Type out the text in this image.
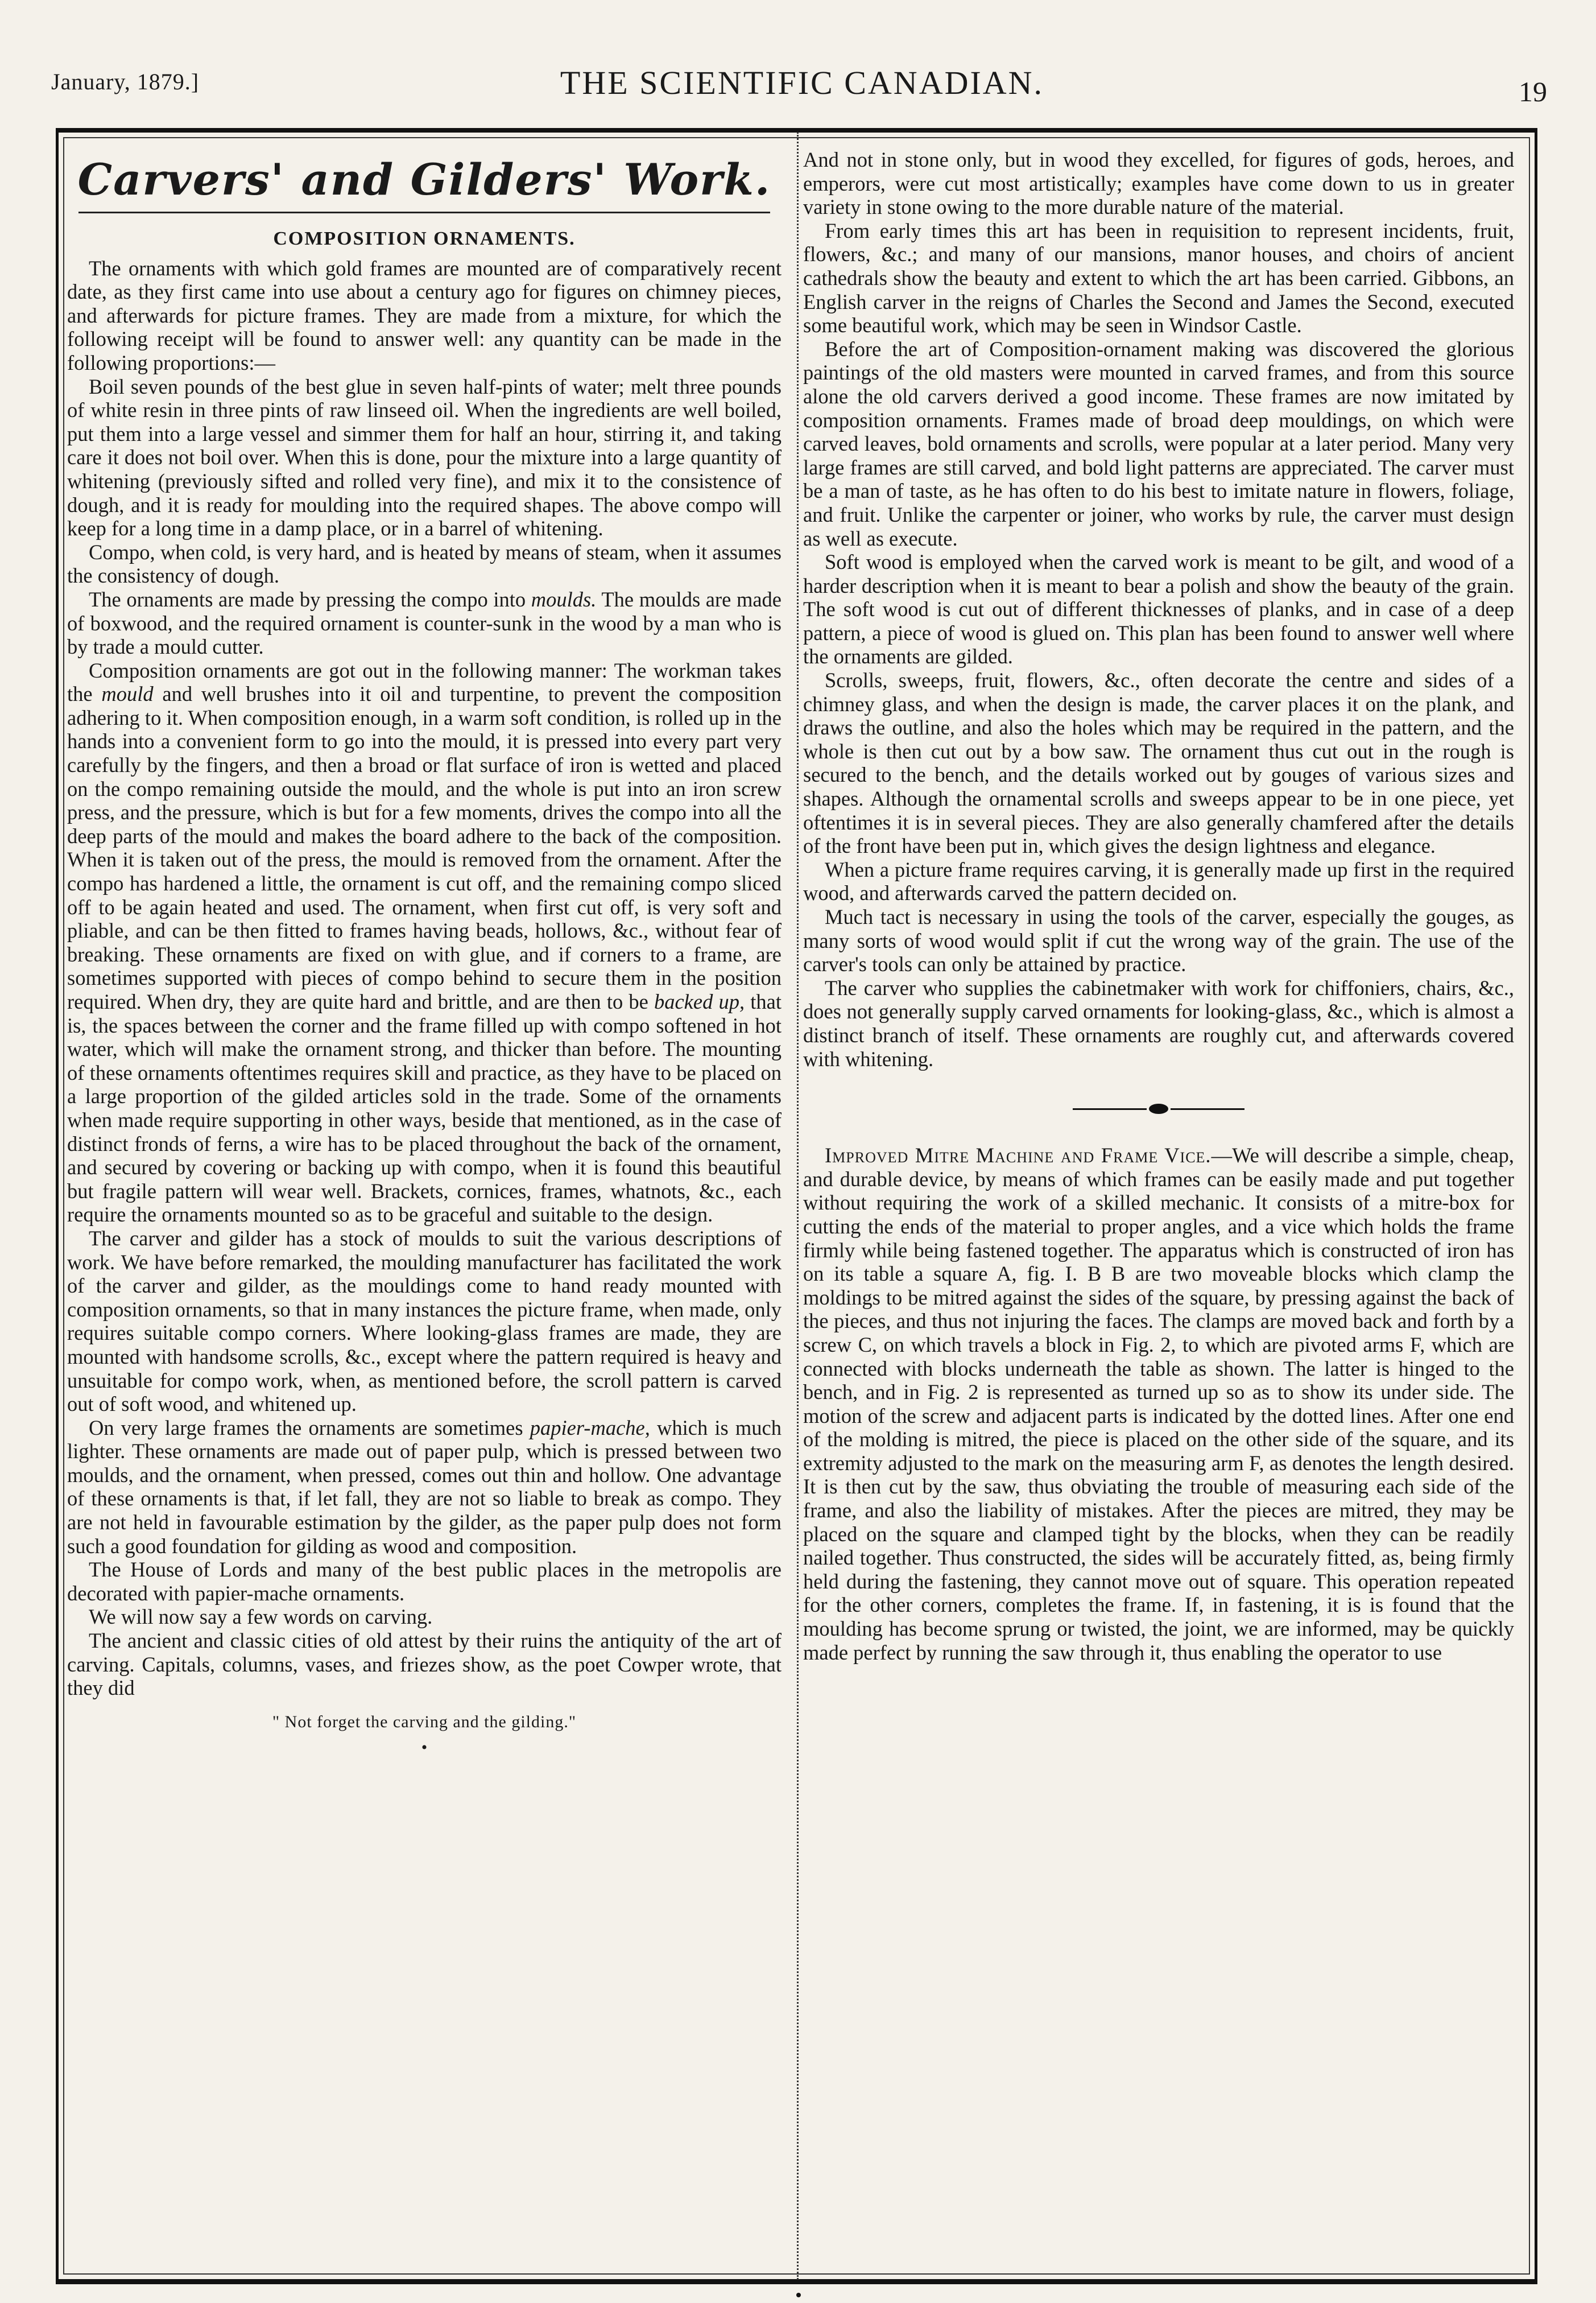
January, 1879.]	THE SCIENTIFIC CANADIAN.	19
Carvers' and Gilders' Work.
COMPOSITION ORNAMENTS.

The ornaments with which gold frames are mounted are of comparatively recent date, as they first came into use about a century ago for figures on chimney pieces, and afterwards for picture frames. They are made from a mixture, for which the following receipt will be found to answer well: any quantity can be made in the following proportions:—

Boil seven pounds of the best glue in seven half-pints of water; melt three pounds of white resin in three pints of raw linseed oil. When the ingredients are well boiled, put them into a large vessel and simmer them for half an hour, stirring it, and taking care it does not boil over. When this is done, pour the mixture into a large quantity of whitening (previously sifted and rolled very fine), and mix it to the consistence of dough, and it is ready for moulding into the required shapes. The above compo will keep for a long time in a damp place, or in a barrel of whitening.

Compo, when cold, is very hard, and is heated by means of steam, when it assumes the consistency of dough.

The ornaments are made by pressing the compo into moulds. The moulds are made of boxwood, and the required ornament is counter-sunk in the wood by a man who is by trade a mould cutter.

Composition ornaments are got out in the following manner: The workman takes the mould and well brushes into it oil and turpentine, to prevent the composition adhering to it. When composition enough, in a warm soft condition, is rolled up in the hands into a convenient form to go into the mould, it is pressed into every part very carefully by the fingers, and then a broad or flat surface of iron is wetted and placed on the compo remaining outside the mould, and the whole is put into an iron screw press, and the pressure, which is but for a few moments, drives the compo into all the deep parts of the mould and makes the board adhere to the back of the composition. When it is taken out of the press, the mould is removed from the ornament. After the compo has hardened a little, the ornament is cut off, and the remaining compo sliced off to be again heated and used. The ornament, when first cut off, is very soft and pliable, and can be then fitted to frames having beads, hollows, &c., without fear of breaking. These ornaments are fixed on with glue, and if corners to a frame, are sometimes supported with pieces of compo behind to secure them in the position required. When dry, they are quite hard and brittle, and are then to be backed up, that is, the spaces between the corner and the frame filled up with compo softened in hot water, which will make the ornament strong, and thicker than before. The mounting of these ornaments oftentimes requires skill and practice, as they have to be placed on a large proportion of the gilded articles sold in the trade. Some of the ornaments when made require supporting in other ways, beside that mentioned, as in the case of distinct fronds of ferns, a wire has to be placed throughout the back of the ornament, and secured by covering or backing up with compo, when it is found this beautiful but fragile pattern will wear well. Brackets, cornices, frames, whatnots, &c., each require the ornaments mounted so as to be graceful and suitable to the design.

The carver and gilder has a stock of moulds to suit the various descriptions of work. We have before remarked, the moulding manufacturer has facilitated the work of the carver and gilder, as the mouldings come to hand ready mounted with composition ornaments, so that in many instances the picture frame, when made, only requires suitable compo corners. Where looking-glass frames are made, they are mounted with handsome scrolls, &c., except where the pattern required is heavy and unsuitable for compo work, when, as mentioned before, the scroll pattern is carved out of soft wood, and whitened up.

On very large frames the ornaments are sometimes papier-mache, which is much lighter. These ornaments are made out of paper pulp, which is pressed between two moulds, and the ornament, when pressed, comes out thin and hollow. One advantage of these ornaments is that, if let fall, they are not so liable to break as compo. They are not held in favourable estimation by the gilder, as the paper pulp does not form such a good foundation for gilding as wood and composition.

The House of Lords and many of the best public places in the metropolis are decorated with papier-mache ornaments.

We will now say a few words on carving.

The ancient and classic cities of old attest by their ruins the antiquity of the art of carving. Capitals, columns, vases, and friezes show, as the poet Cowper wrote, that they did

" Not forget the carving and the gilding."
•

And not in stone only, but in wood they excelled, for figures of gods, heroes, and emperors, were cut most artistically; examples have come down to us in greater variety in stone owing to the more durable nature of the material.

From early times this art has been in requisition to represent incidents, fruit, flowers, &c.; and many of our mansions, manor houses, and choirs of ancient cathedrals show the beauty and extent to which the art has been carried. Gibbons, an English carver in the reigns of Charles the Second and James the Second, executed some beautiful work, which may be seen in Windsor Castle.

Before the art of Composition-ornament making was discovered the glorious paintings of the old masters were mounted in carved frames, and from this source alone the old carvers derived a good income. These frames are now imitated by composition ornaments. Frames made of broad deep mouldings, on which were carved leaves, bold ornaments and scrolls, were popular at a later period. Many very large frames are still carved, and bold light patterns are appreciated. The carver must be a man of taste, as he has often to do his best to imitate nature in flowers, foliage, and fruit. Unlike the carpenter or joiner, who works by rule, the carver must design as well as execute.

Soft wood is employed when the carved work is meant to be gilt, and wood of a harder description when it is meant to bear a polish and show the beauty of the grain. The soft wood is cut out of different thicknesses of planks, and in case of a deep pattern, a piece of wood is glued on. This plan has been found to answer well where the ornaments are gilded.

Scrolls, sweeps, fruit, flowers, &c., often decorate the centre and sides of a chimney glass, and when the design is made, the carver places it on the plank, and draws the outline, and also the holes which may be required in the pattern, and the whole is then cut out by a bow saw. The ornament thus cut out in the rough is secured to the bench, and the details worked out by gouges of various sizes and shapes. Although the ornamental scrolls and sweeps appear to be in one piece, yet oftentimes it is in several pieces. They are also generally chamfered after the details of the front have been put in, which gives the design lightness and elegance.

When a picture frame requires carving, it is generally made up first in the required wood, and afterwards carved the pattern decided on.

Much tact is necessary in using the tools of the carver, especially the gouges, as many sorts of wood would split if cut the wrong way of the grain. The use of the carver's tools can only be attained by practice.

The carver who supplies the cabinetmaker with work for chiffoniers, chairs, &c., does not generally supply carved ornaments for looking-glass, &c., which is almost a distinct branch of itself. These ornaments are roughly cut, and afterwards covered with whitening.

Improved Mitre Machine and Frame Vice.—We will describe a simple, cheap, and durable device, by means of which frames can be easily made and put together without requiring the work of a skilled mechanic. It consists of a mitre-box for cutting the ends of the material to proper angles, and a vice which holds the frame firmly while being fastened together. The apparatus which is constructed of iron has on its table a square A, fig. I. B B are two moveable blocks which clamp the moldings to be mitred against the sides of the square, by pressing against the back of the pieces, and thus not injuring the faces. The clamps are moved back and forth by a screw C, on which travels a block in Fig. 2, to which are pivoted arms F, which are connected with blocks underneath the table as shown. The latter is hinged to the bench, and in Fig. 2 is represented as turned up so as to show its under side. The motion of the screw and adjacent parts is indicated by the dotted lines. After one end of the molding is mitred, the piece is placed on the other side of the square, and its extremity adjusted to the mark on the measuring arm F, as denotes the length desired. It is then cut by the saw, thus obviating the trouble of measuring each side of the frame, and also the liability of mistakes. After the pieces are mitred, they may be placed on the square and clamped tight by the blocks, when they can be readily nailed together. Thus constructed, the sides will be accurately fitted, as, being firmly held during the fastening, they cannot move out of square. This operation repeated for the other corners, completes the frame. If, in fastening, it is is found that the moulding has become sprung or twisted, the joint, we are informed, may be quickly made perfect by running the saw through it, thus enabling the operator to use
